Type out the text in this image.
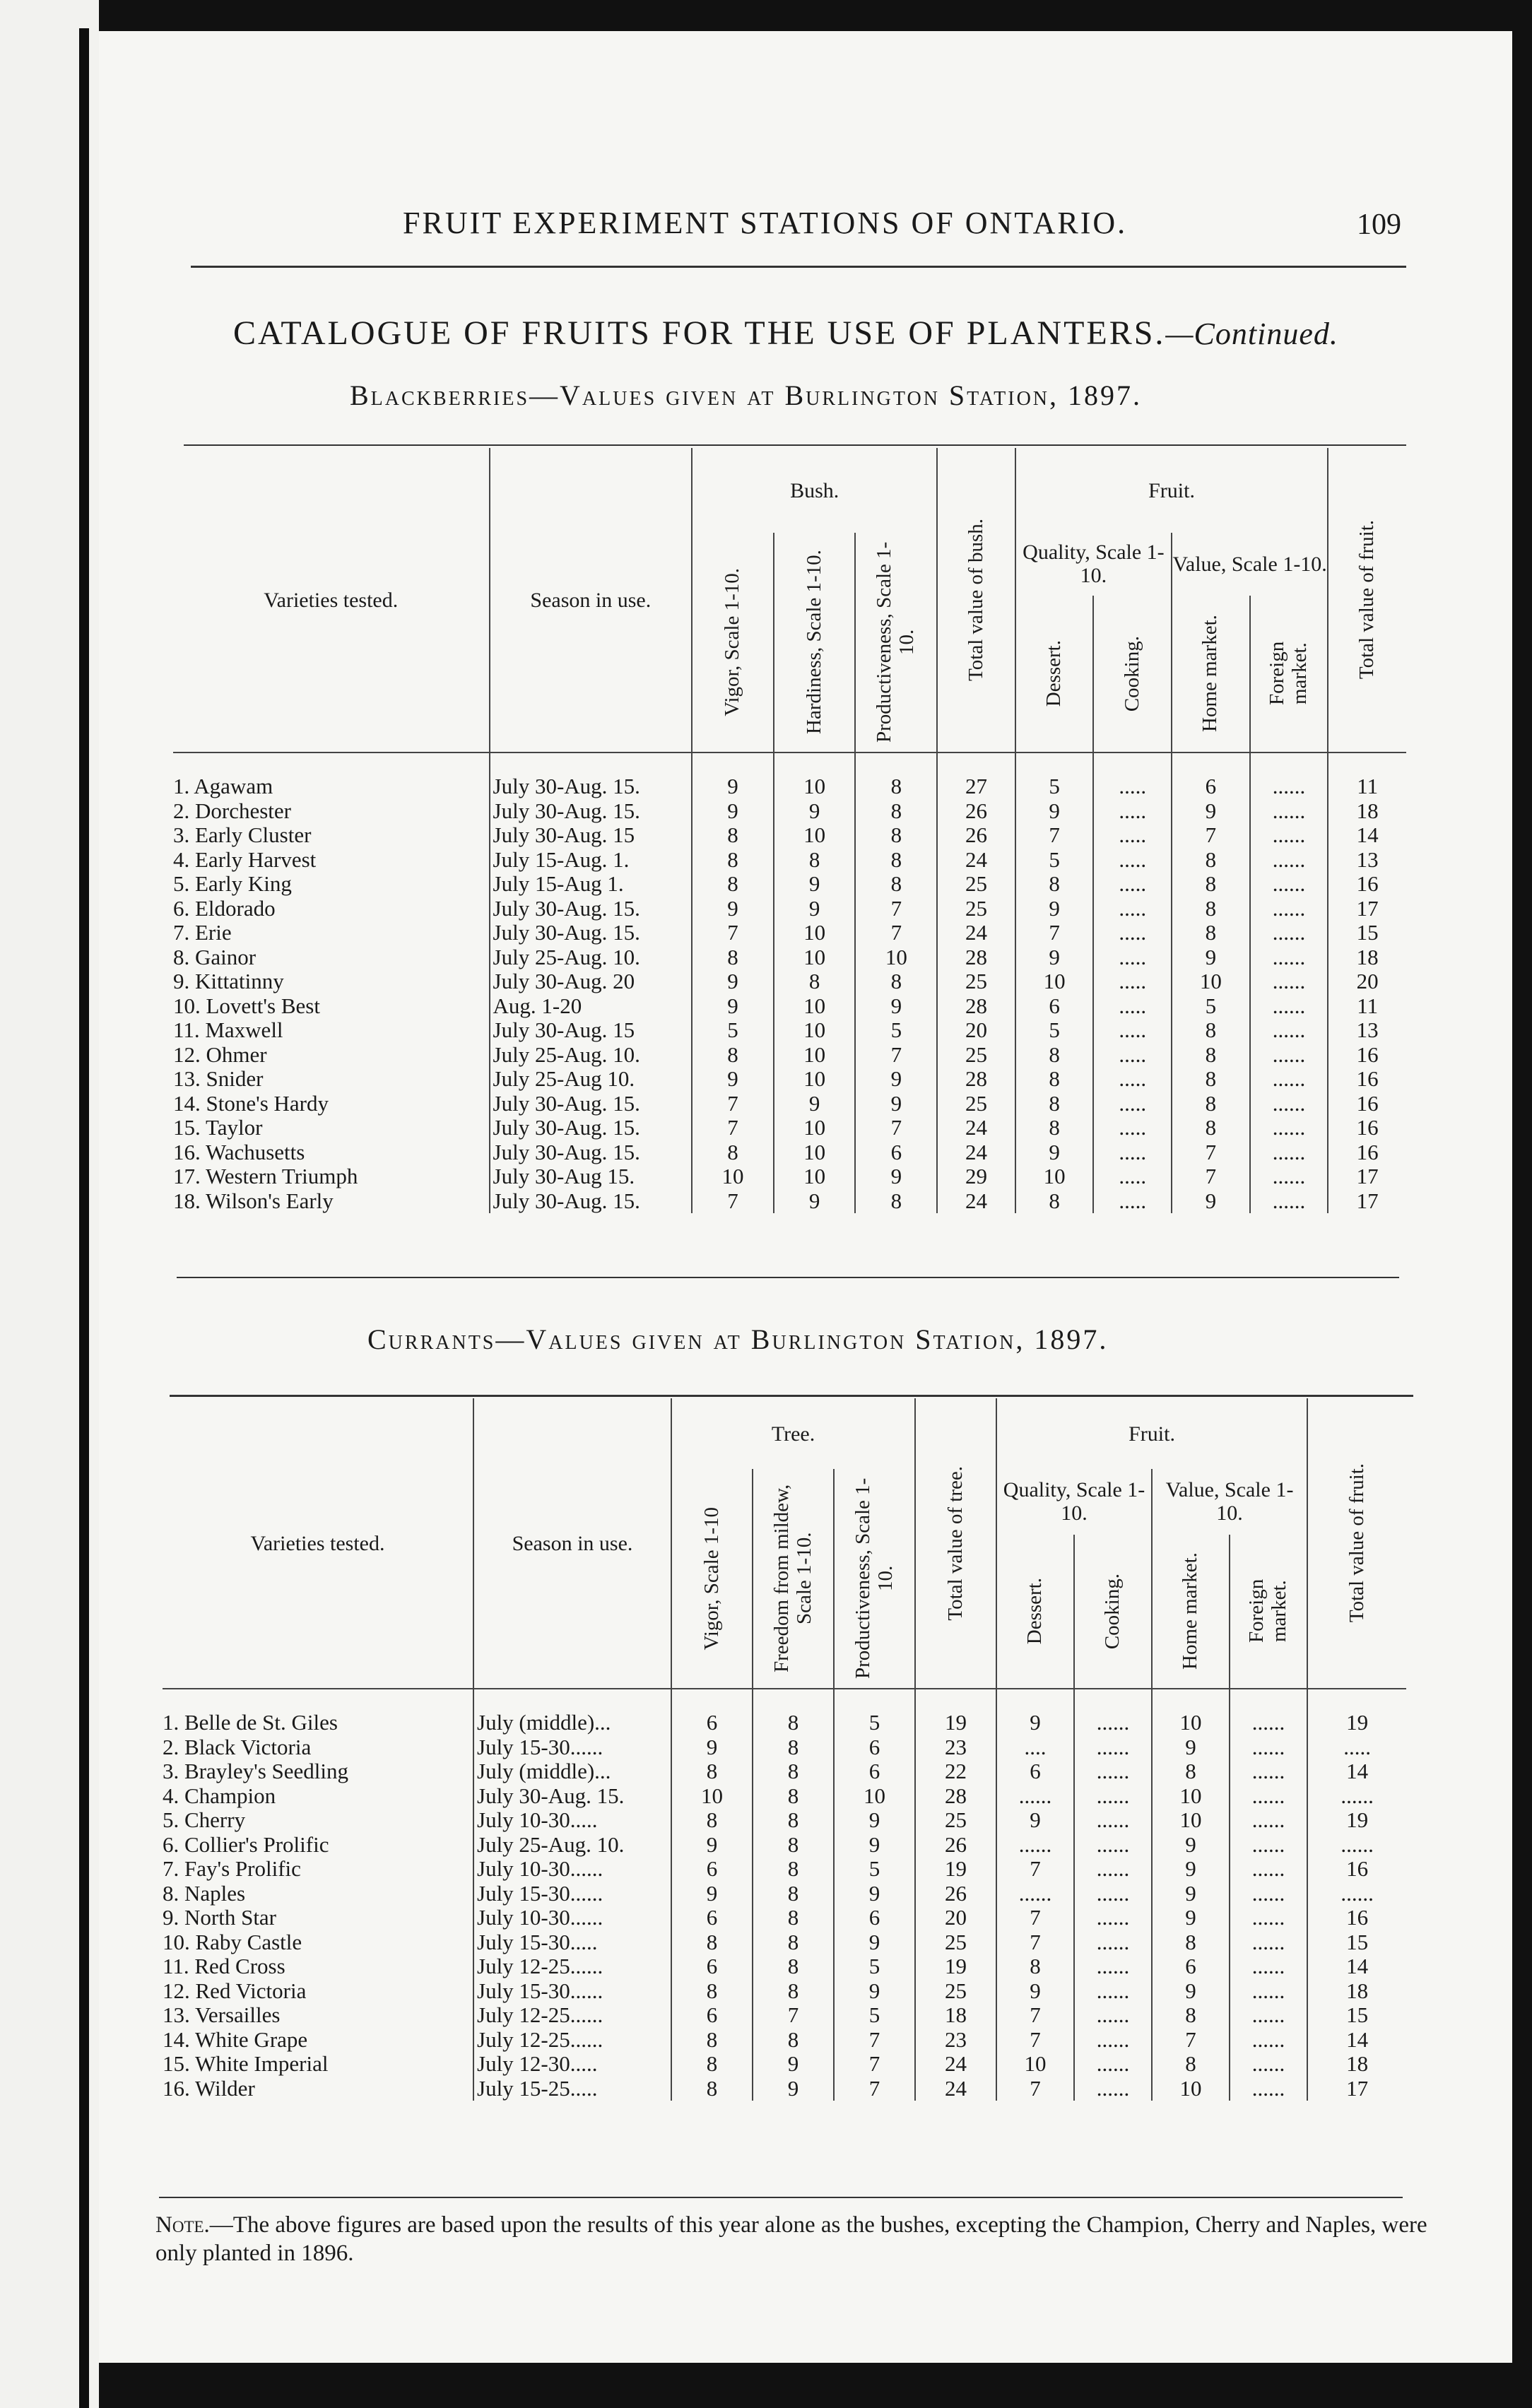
FRUIT EXPERIMENT STATIONS OF ONTARIO.	109
CATALOGUE OF FRUITS FOR THE USE OF PLANTERS.—Continued.
Blackberries—Values given at Burlington Station, 1897.
Varieties tested.	Season in use.	Bush.			Total value of bush.	Fruit.				Total value of fruit.

		Vigor, Scale 1-10.	Hardiness, Scale 1-10.	Productiveness, Scale 1-10.		Quality, Scale 1-10.		Value, Scale 1-10.		

						Dessert.	Cooking.	Home market.	Foreign market.	

1. Agawam	July 30-Aug. 15.	9	10	8	27	5	.....	6	......	11
2. Dorchester	July 30-Aug. 15.	9	9	8	26	9	.....	9	......	18
3. Early Cluster	July 30-Aug. 15	8	10	8	26	7	.....	7	......	14
4. Early Harvest	July 15-Aug. 1.	8	8	8	24	5	.....	8	......	13
5. Early King	July 15-Aug 1.	8	9	8	25	8	.....	8	......	16
6. Eldorado	July 30-Aug. 15.	9	9	7	25	9	.....	8	......	17
7. Erie	July 30-Aug. 15.	7	10	7	24	7	.....	8	......	15
8. Gainor	July 25-Aug. 10.	8	10	10	28	9	.....	9	......	18
9. Kittatinny	July 30-Aug. 20	9	8	8	25	10	.....	10	......	20
10. Lovett's Best	Aug. 1-20	9	10	9	28	6	.....	5	......	11
11. Maxwell	July 30-Aug. 15	5	10	5	20	5	.....	8	......	13
12. Ohmer	July 25-Aug. 10.	8	10	7	25	8	.....	8	......	16
13. Snider	July 25-Aug 10.	9	10	9	28	8	.....	8	......	16
14. Stone's Hardy	July 30-Aug. 15.	7	9	9	25	8	.....	8	......	16
15. Taylor	July 30-Aug. 15.	7	10	7	24	8	.....	8	......	16
16. Wachusetts	July 30-Aug. 15.	8	10	6	24	9	.....	7	......	16
17. Western Triumph	July 30-Aug 15.	10	10	9	29	10	.....	7	......	17
18. Wilson's Early	July 30-Aug. 15.	7	9	8	24	8	.....	9	......	17
Currants—Values given at Burlington Station, 1897.
Varieties tested.	Season in use.	Tree.			Total value of tree.	Fruit.				Total value of fruit.

		Vigor, Scale 1-10	Freedom from mildew, Scale 1-10.	Productiveness, Scale 1-10.		Quality, Scale 1-10.		Value, Scale 1-10.		

						Dessert.	Cooking.	Home market.	Foreign market.	

1. Belle de St. Giles	July (middle)...	6	8	5	19	9	......	10	......	19
2. Black Victoria	July 15-30......	9	8	6	23	....	......	9	......	.....
3. Brayley's Seedling	July (middle)...	8	8	6	22	6	......	8	......	14
4. Champion	July 30-Aug. 15.	10	8	10	28	......	......	10	......	......
5. Cherry	July 10-30.....	8	8	9	25	9	......	10	......	19
6. Collier's Prolific	July 25-Aug. 10.	9	8	9	26	......	......	9	......	......
7. Fay's Prolific	July 10-30......	6	8	5	19	7	......	9	......	16
8. Naples	July 15-30......	9	8	9	26	......	......	9	......	......
9. North Star	July 10-30......	6	8	6	20	7	......	9	......	16
10. Raby Castle	July 15-30.....	8	8	9	25	7	......	8	......	15
11. Red Cross	July 12-25......	6	8	5	19	8	......	6	......	14
12. Red Victoria	July 15-30......	8	8	9	25	9	......	9	......	18
13. Versailles	July 12-25......	6	7	5	18	7	......	8	......	15
14. White Grape	July 12-25......	8	8	7	23	7	......	7	......	14
15. White Imperial	July 12-30.....	8	9	7	24	10	......	8	......	18
16. Wilder	July 15-25.....	8	9	7	24	7	......	10	......	17
Note.—The above figures are based upon the results of this year alone as the bushes, excepting the Champion, Cherry and Naples, were only planted in 1896.
